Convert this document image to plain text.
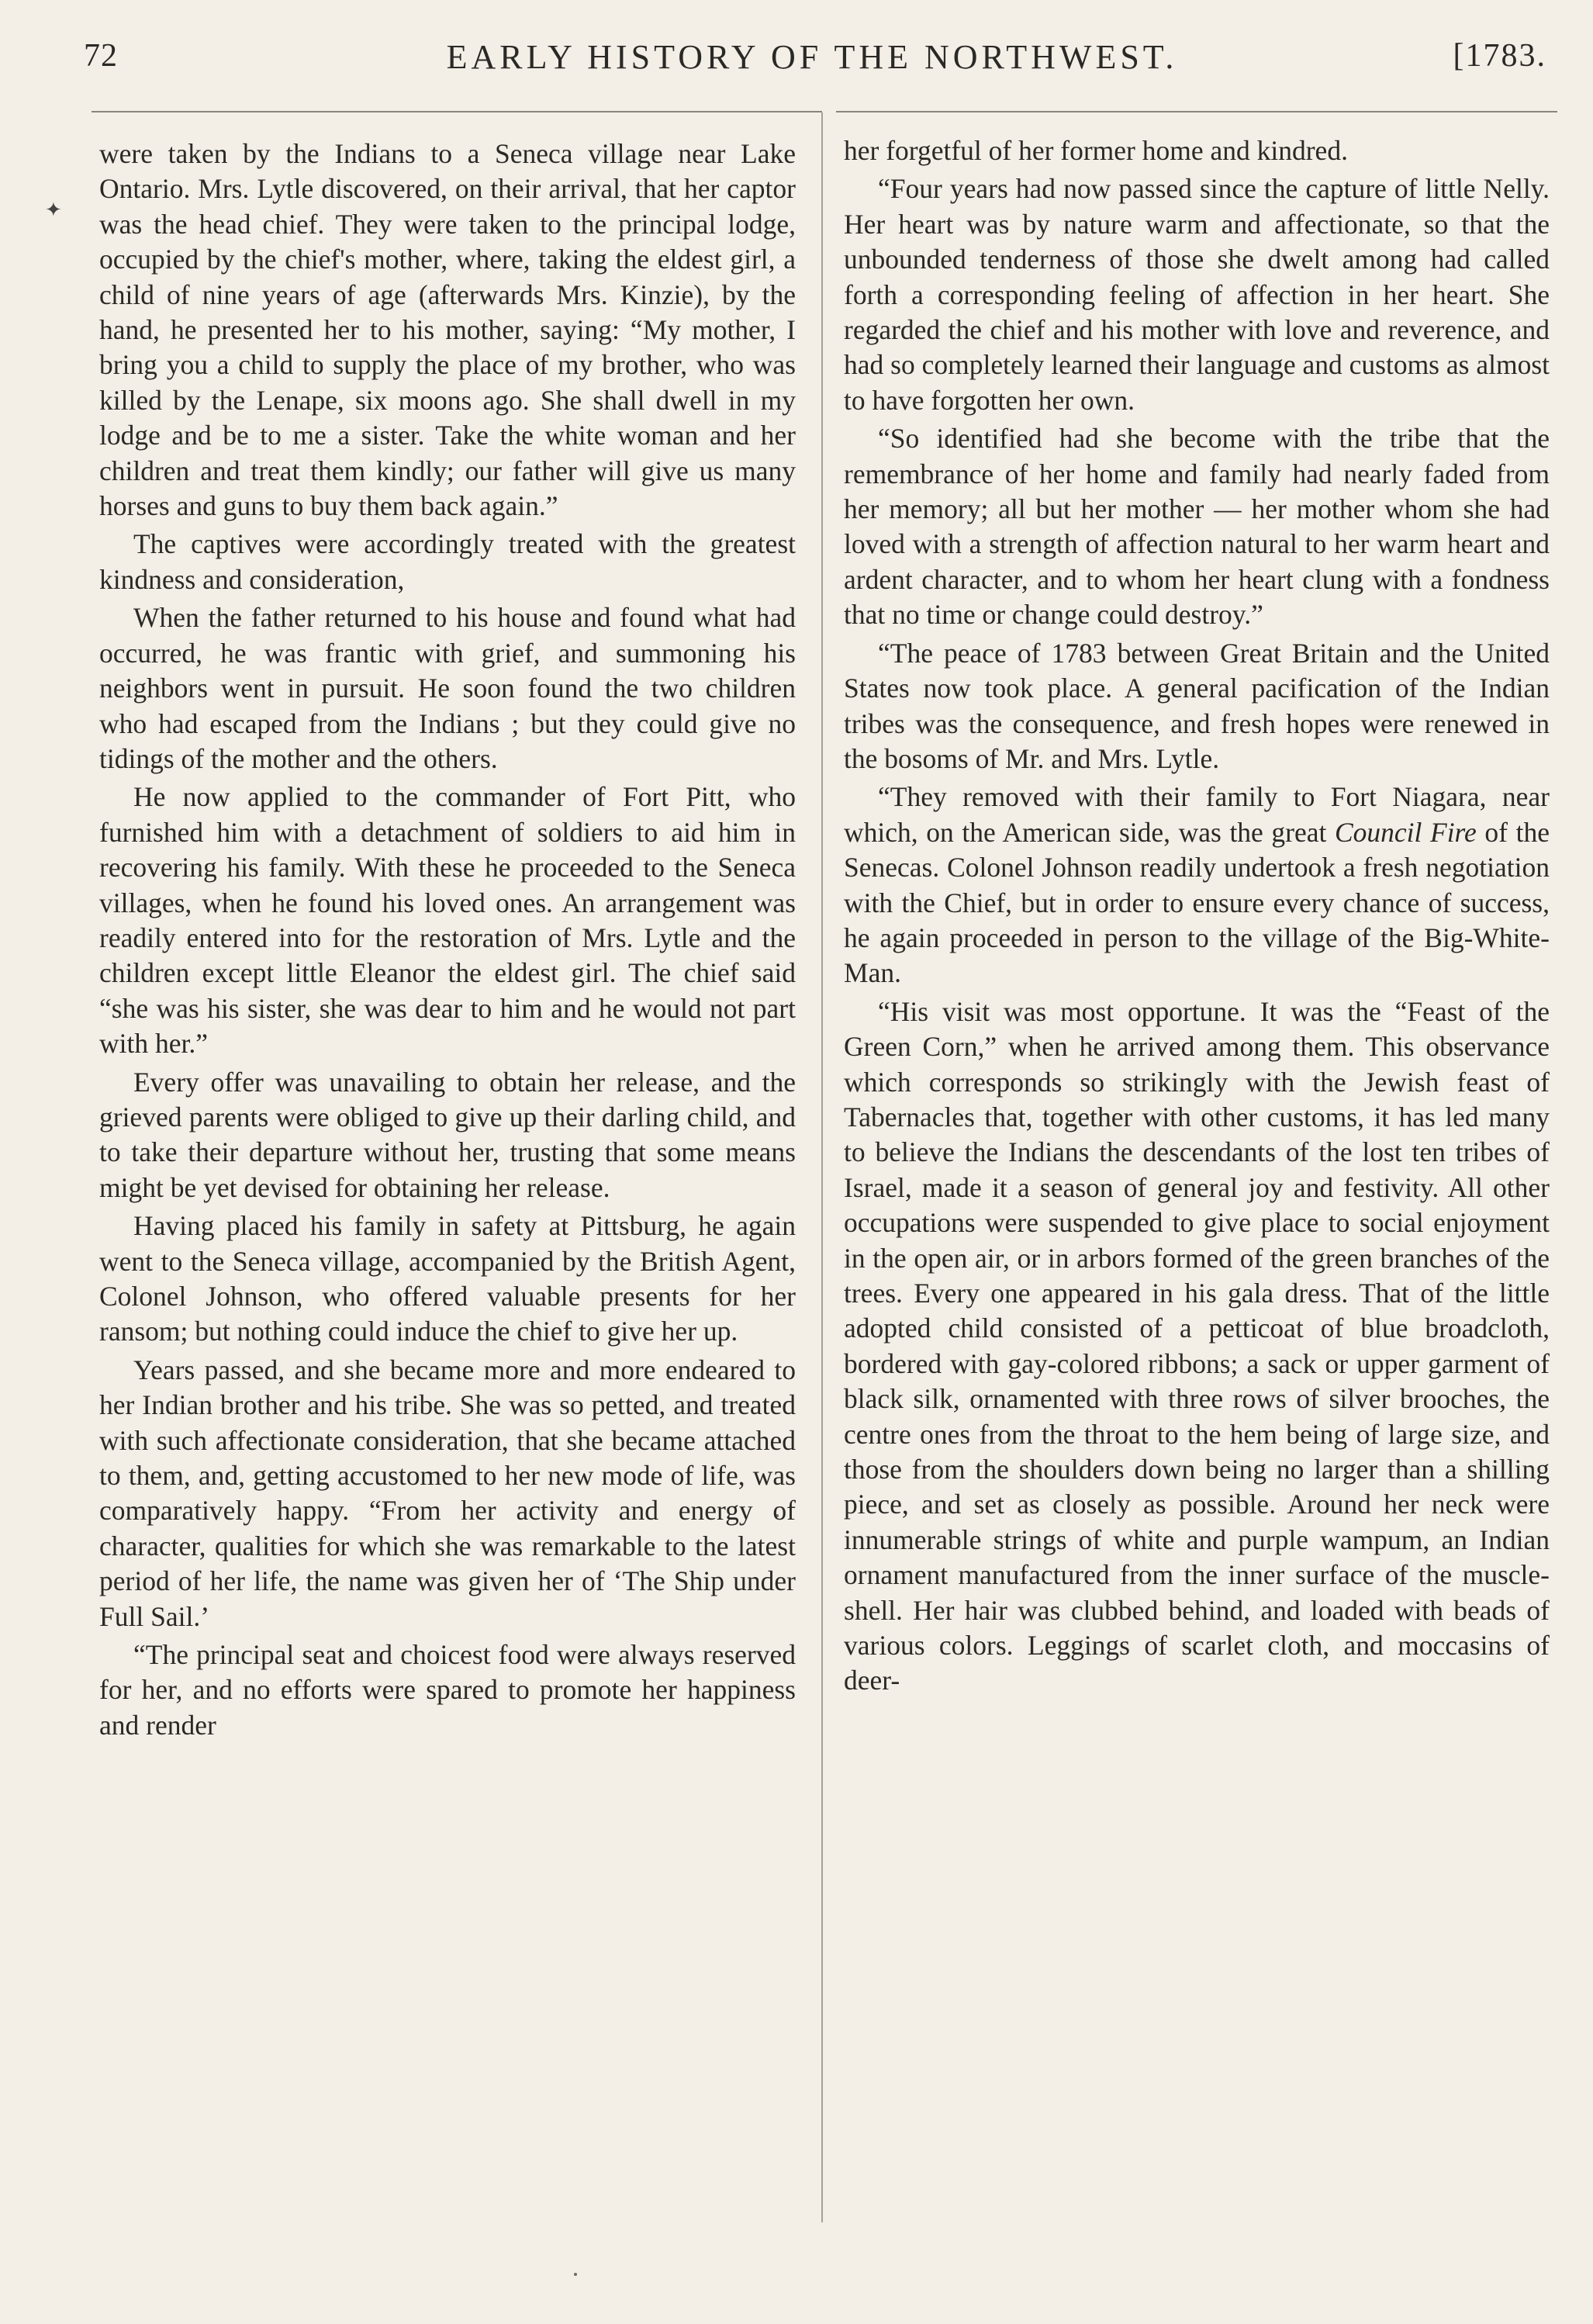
72	EARLY HISTORY OF THE NORTHWEST.	[1783.
✦

were taken by the Indians to a Seneca village near Lake Ontario. Mrs. Lytle discovered, on their arrival, that her captor was the head chief. They were taken to the principal lodge, occupied by the chief's mother, where, taking the eldest girl, a child of nine years of age (afterwards Mrs. Kinzie), by the hand, he presented her to his mother, saying: “My mother, I bring you a child to supply the place of my brother, who was killed by the Lenape, six moons ago. She shall dwell in my lodge and be to me a sister. Take the white woman and her children and treat them kindly; our father will give us many horses and guns to buy them back again.”

The captives were accordingly treated with the greatest kindness and consideration,

When the father returned to his house and found what had occurred, he was frantic with grief, and summoning his neighbors went in pursuit. He soon found the two children who had escaped from the Indians ; but they could give no tidings of the mother and the others.

He now applied to the commander of Fort Pitt, who furnished him with a detachment of soldiers to aid him in recovering his family. With these he proceeded to the Seneca villages, when he found his loved ones. An arrangement was readily entered into for the restoration of Mrs. Lytle and the children except little Eleanor the eldest girl. The chief said “she was his sister, she was dear to him and he would not part with her.”

Every offer was unavailing to obtain her release, and the grieved parents were obliged to give up their darling child, and to take their departure without her, trusting that some means might be yet devised for obtaining her release.

Having placed his family in safety at Pittsburg, he again went to the Seneca village, accompanied by the British Agent, Colonel Johnson, who offered valuable presents for her ransom; but nothing could induce the chief to give her up.

Years passed, and she became more and more endeared to her Indian brother and his tribe. She was so petted, and treated with such affectionate consideration, that she became attached to them, and, getting accustomed to her new mode of life, was comparatively happy. “From her activity and energy of character, qualities for which she was remarkable to the latest period of her life, the name was given her of ‘The Ship under Full Sail.’

“The principal seat and choicest food were always reserved for her, and no efforts were spared to promote her happiness and render

her forgetful of her former home and kindred.

“Four years had now passed since the capture of little Nelly. Her heart was by nature warm and affectionate, so that the unbounded tenderness of those she dwelt among had called forth a corresponding feeling of affection in her heart. She regarded the chief and his mother with love and reverence, and had so completely learned their language and customs as almost to have forgotten her own.

“So identified had she become with the tribe that the remembrance of her home and family had nearly faded from her memory; all but her mother — her mother whom she had loved with a strength of affection natural to her warm heart and ardent character, and to whom her heart clung with a fondness that no time or change could destroy.”

“The peace of 1783 between Great Britain and the United States now took place. A general pacification of the Indian tribes was the consequence, and fresh hopes were renewed in the bosoms of Mr. and Mrs. Lytle.

“They removed with their family to Fort Niagara, near which, on the American side, was the great Council Fire of the Senecas. Colonel Johnson readily undertook a fresh negotiation with the Chief, but in order to ensure every chance of success, he again proceeded in person to the village of the Big-White-Man.

“His visit was most opportune. It was the “Feast of the Green Corn,” when he arrived among them. This observance which corresponds so strikingly with the Jewish feast of Tabernacles that, together with other customs, it has led many to believe the Indians the descendants of the lost ten tribes of Israel, made it a season of general joy and festivity. All other occupations were suspended to give place to social enjoyment in the open air, or in arbors formed of the green branches of the trees. Every one appeared in his gala dress. That of the little adopted child consisted of a petticoat of blue broadcloth, bordered with gay-colored ribbons; a sack or upper garment of black silk, ornamented with three rows of silver brooches, the centre ones from the throat to the hem being of large size, and those from the shoulders down being no larger than a shilling piece, and set as closely as possible. Around her neck were innumerable strings of white and purple wampum, an Indian ornament manufactured from the inner surface of the muscle-shell. Her hair was clubbed behind, and loaded with beads of various colors. Leggings of scarlet cloth, and moccasins of deer-
